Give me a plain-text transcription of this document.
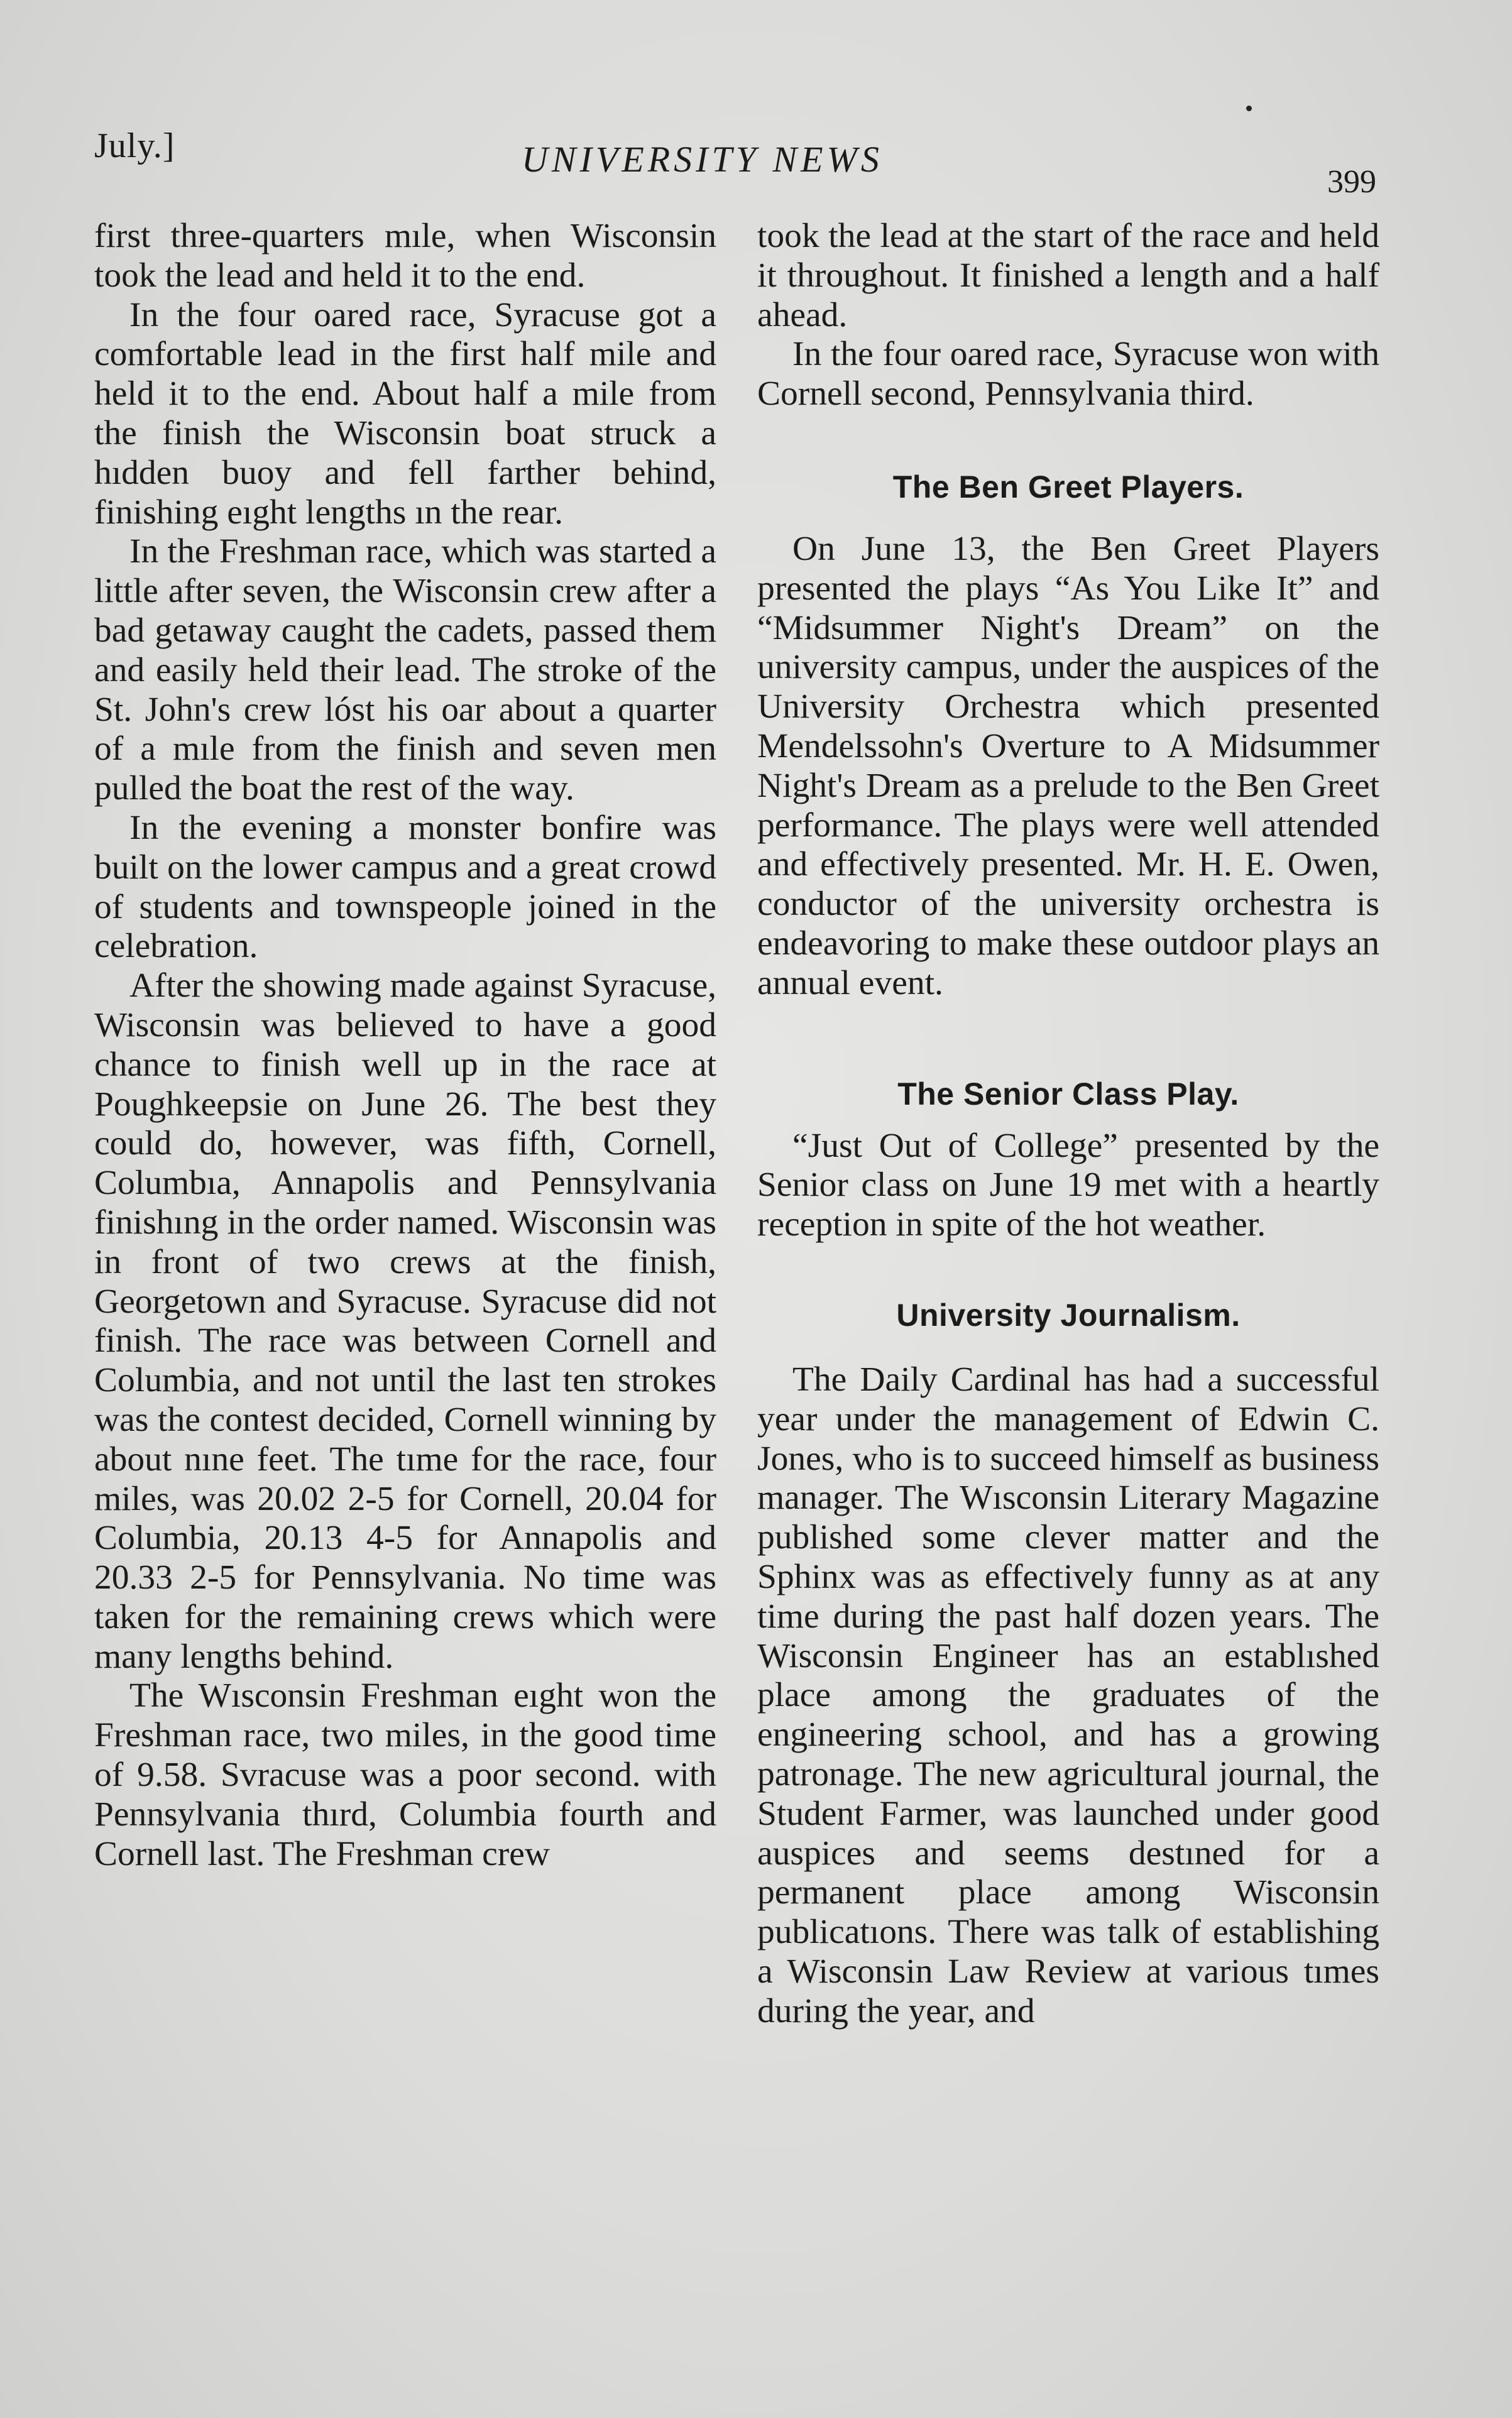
July.]	UNIVERSITY NEWS
399

first three-quarters mıle, when Wisconsin took the lead and held it to the end.

In the four oared race, Syracuse got a comfortable lead in the first half mile and held it to the end. About half a mile from the finish the Wisconsin boat struck a hıdden buoy and fell farther behind, finishing eıght lengths ın the rear.

In the Freshman race, which was started a little after seven, the Wisconsin crew after a bad getaway caught the cadets, passed them and easily held their lead. The stroke of the St. John's crew lóst his oar about a quarter of a mıle from the finish and seven men pulled the boat the rest of the way.

In the evening a monster bonfire was built on the lower campus and a great crowd of students and townspeople joined in the celebration.

After the showing made against Syracuse, Wisconsin was believed to have a good chance to finish well up in the race at Poughkeepsie on June 26. The best they could do, however, was fifth, Cornell, Columbıa, Annapolis and Pennsylvania finishıng in the order named. Wisconsin was in front of two crews at the finish, Georgetown and Syracuse. Syracuse did not finish. The race was between Cornell and Columbia, and not until the last ten strokes was the contest decided, Cornell winning by about nıne feet. The tıme for the race, four miles, was 20.02 2-5 for Cornell, 20.04 for Columbia, 20.13 4-5 for Annapolis and 20.33 2-5 for Pennsylvania. No time was taken for the remaining crews which were many lengths behind.

The Wısconsin Freshman eıght won the Freshman race, two miles, in the good time of 9.58. Svracuse was a poor second. with Pennsylvania thırd, Columbia fourth and Cornell last. The Freshman crew

took the lead at the start of the race and held it throughout. It finished a length and a half ahead.

In the four oared race, Syracuse won with Cornell second, Pennsylvania third.

The Ben Greet Players.

On June 13, the Ben Greet Players presented the plays “As You Like It” and “Midsummer Night's Dream” on the university campus, under the auspices of the University Orchestra which presented Mendelssohn's Overture to A Midsummer Night's Dream as a prelude to the Ben Greet performance. The plays were well attended and effectively presented. Mr. H. E. Owen, conductor of the university orchestra is endeavoring to make these outdoor plays an annual event.

The Senior Class Play.

“Just Out of College” presented by the Senior class on June 19 met with a heartly reception in spite of the hot weather.

University Journalism.

The Daily Cardinal has had a successful year under the management of Edwin C. Jones, who is to succeed himself as business manager. The Wısconsin Literary Magazine published some clever matter and the Sphinx was as effectively funny as at any time during the past half dozen years. The Wisconsin Engineer has an establıshed place among the graduates of the engineering school, and has a growing patronage. The new agricultural journal, the Student Farmer, was launched under good auspices and seems destıned for a permanent place among Wisconsin publicatıons. There was talk of establishing a Wisconsin Law Review at various tımes during the year, and
